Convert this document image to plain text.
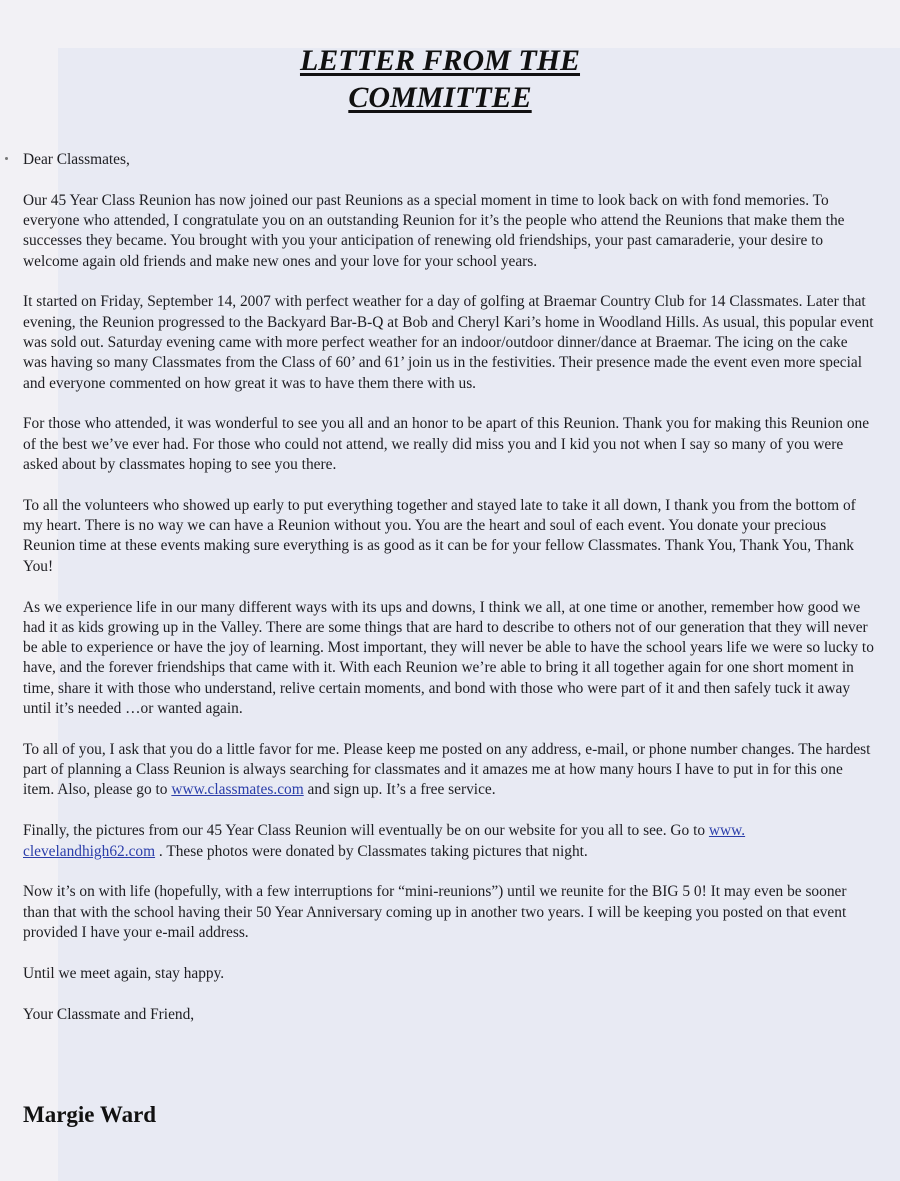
LETTER FROM THE
COMMITTEE

Dear Classmates,

Our 45 Year Class Reunion has now joined our past Reunions as a special moment in time to look back on with fond memories. To everyone who attended, I congratulate you on an outstanding Reunion for it’s the people who attend the Reunions that make them the successes they became. You brought with you your anticipation of renewing old friendships, your past camaraderie, your desire to welcome again old friends and make new ones and your love for your school years.

It started on Friday, September 14, 2007 with perfect weather for a day of golfing at Braemar Country Club for 14 Classmates. Later that evening, the Reunion progressed to the Backyard Bar-B-Q at Bob and Cheryl Kari’s home in Woodland Hills. As usual, this popular event was sold out. Saturday evening came with more perfect weather for an indoor/outdoor dinner/dance at Braemar. The icing on the cake was having so many Classmates from the Class of 60’ and 61’ join us in the festivities. Their presence made the event even more special and everyone commented on how great it was to have them there with us.

For those who attended, it was wonderful to see you all and an honor to be apart of this Reunion. Thank you for making this Reunion one of the best we’ve ever had. For those who could not attend, we really did miss you and I kid you not when I say so many of you were asked about by classmates hoping to see you there.

To all the volunteers who showed up early to put everything together and stayed late to take it all down, I thank you from the bottom of my heart. There is no way we can have a Reunion without you. You are the heart and soul of each event. You donate your precious Reunion time at these events making sure everything is as good as it can be for your fellow Classmates. Thank You, Thank You, Thank You!

As we experience life in our many different ways with its ups and downs, I think we all, at one time or another, remember how good we had it as kids growing up in the Valley. There are some things that are hard to describe to others not of our generation that they will never be able to experience or have the joy of learning. Most important, they will never be able to have the school years life we were so lucky to have, and the forever friendships that came with it. With each Reunion we’re able to bring it all together again for one short moment in time, share it with those who understand, relive certain moments, and bond with those who were part of it and then safely tuck it away until it’s needed …or wanted again.

To all of you, I ask that you do a little favor for me. Please keep me posted on any address, e-mail, or phone number changes. The hardest part of planning a Class Reunion is always searching for classmates and it amazes me at how many hours I have to put in for this one item. Also, please go to www.classmates.com and sign up. It’s a free service.

Finally, the pictures from our 45 Year Class Reunion will eventually be on our website for you all to see. Go to www. clevelandhigh62.com . These photos were donated by Classmates taking pictures that night.

Now it’s on with life (hopefully, with a few interruptions for “mini-reunions”) until we reunite for the BIG 5 0! It may even be sooner than that with the school having their 50 Year Anniversary coming up in another two years. I will be keeping you posted on that event provided I have your e-mail address.

Until we meet again, stay happy.

Your Classmate and Friend,

Margie Ward
